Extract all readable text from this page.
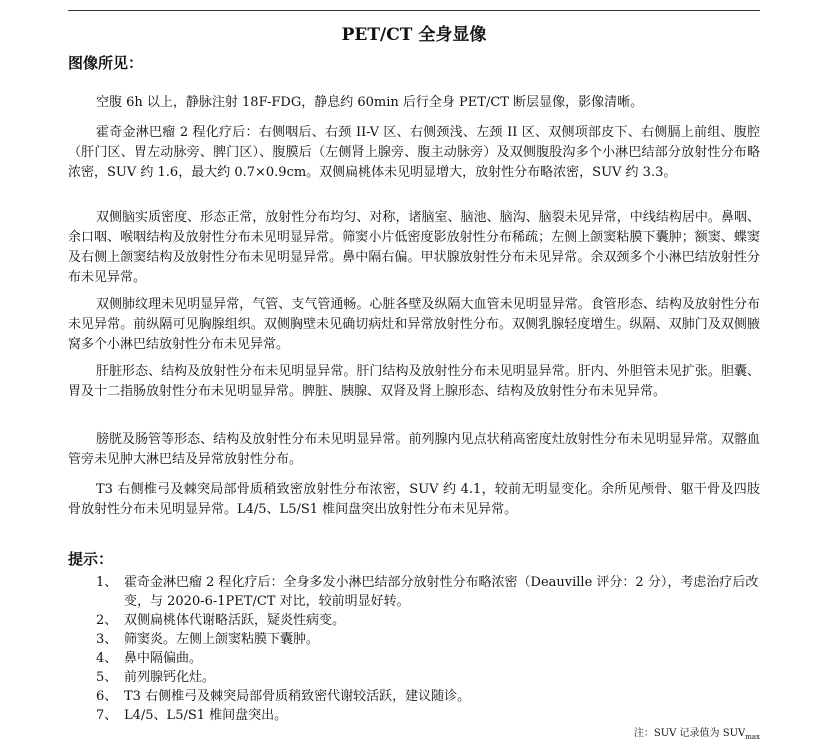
PET/CT 全身显像
图像所见：

空腹 6h 以上，静脉注射 18F-FDG，静息约 60min 后行全身 PET/CT 断层显像，影像清晰。

霍奇金淋巴瘤 2 程化疗后：右侧咽后、右颈 II-V 区、右侧颈浅、左颈 II 区、双侧项部皮下、右侧膈上前组、腹腔（肝门区、胃左动脉旁、脾门区）、腹膜后（左侧肾上腺旁、腹主动脉旁）及双侧腹股沟多个小淋巴结部分放射性分布略浓密，SUV 约 1.6，最大约 0.7×0.9cm。双侧扁桃体未见明显增大，放射性分布略浓密，SUV 约 3.3。

双侧脑实质密度、形态正常，放射性分布均匀、对称，诸脑室、脑池、脑沟、脑裂未见异常，中线结构居中。鼻咽、余口咽、喉咽结构及放射性分布未见明显异常。筛窦小片低密度影放射性分布稀疏；左侧上颌窦粘膜下囊肿；额窦、蝶窦及右侧上颌窦结构及放射性分布未见明显异常。鼻中隔右偏。甲状腺放射性分布未见异常。余双颈多个小淋巴结放射性分布未见异常。

双侧肺纹理未见明显异常，气管、支气管通畅。心脏各壁及纵隔大血管未见明显异常。食管形态、结构及放射性分布未见异常。前纵隔可见胸腺组织。双侧胸壁未见确切病灶和异常放射性分布。双侧乳腺轻度增生。纵隔、双肺门及双侧腋窝多个小淋巴结放射性分布未见异常。

肝脏形态、结构及放射性分布未见明显异常。肝门结构及放射性分布未见明显异常。肝内、外胆管未见扩张。胆囊、胃及十二指肠放射性分布未见明显异常。脾脏、胰腺、双肾及肾上腺形态、结构及放射性分布未见异常。

膀胱及肠管等形态、结构及放射性分布未见明显异常。前列腺内见点状稍高密度灶放射性分布未见明显异常。双髂血管旁未见肿大淋巴结及异常放射性分布。

T3 右侧椎弓及棘突局部骨质稍致密放射性分布浓密，SUV 约 4.1，较前无明显变化。余所见颅骨、躯干骨及四肢骨放射性分布未见明显异常。L4/5、L5/S1 椎间盘突出放射性分布未见异常。

提示：
1、 霍奇金淋巴瘤 2 程化疗后：全身多发小淋巴结部分放射性分布略浓密（Deauville 评分：2 分），考虑治疗后改变，与 2020-6-1PET/CT 对比，较前明显好转。
2、 双侧扁桃体代谢略活跃，疑炎性病变。
3、 筛窦炎。左侧上颌窦粘膜下囊肿。
4、 鼻中隔偏曲。
5、 前列腺钙化灶。
6、 T3 右侧椎弓及棘突局部骨质稍致密代谢较活跃，建议随诊。
7、 L4/5、L5/S1 椎间盘突出。
注：SUV 记录值为 $SUV_{max}$
